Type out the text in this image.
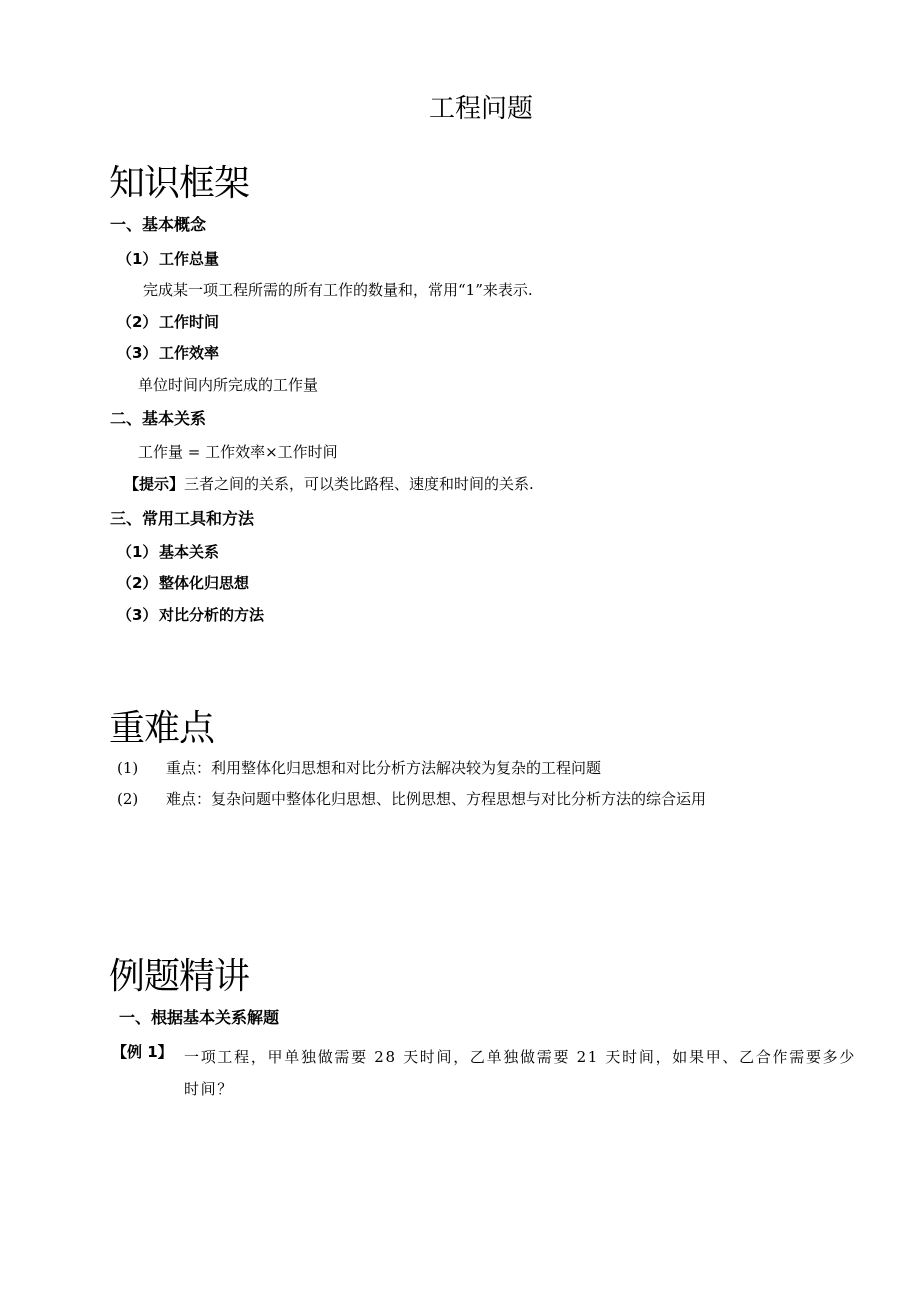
工程问题
知识框架
一、基本概念
（1） 工作总量
完成某一项工程所需的所有工作的数量和，常用“1”来表示.
（2） 工作时间
（3） 工作效率
单位时间内所完成的工作量
二、基本关系
工作量 = 工作效率×工作时间
【提示】三者之间的关系，可以类比路程、速度和时间的关系.
三、常用工具和方法
（1） 基本关系
（2） 整体化归思想
（3） 对比分析的方法
重难点
(1) 重点：利用整体化归思想和对比分析方法解决较为复杂的工程问题
(2) 难点：复杂问题中整体化归思想、比例思想、方程思想与对比分析方法的综合运用
例题精讲
一、根据基本关系解题
【例 1】 一项工程，甲单独做需要 28 天时间，乙单独做需要 21 天时间，如果甲、乙合作需要多少时间？
